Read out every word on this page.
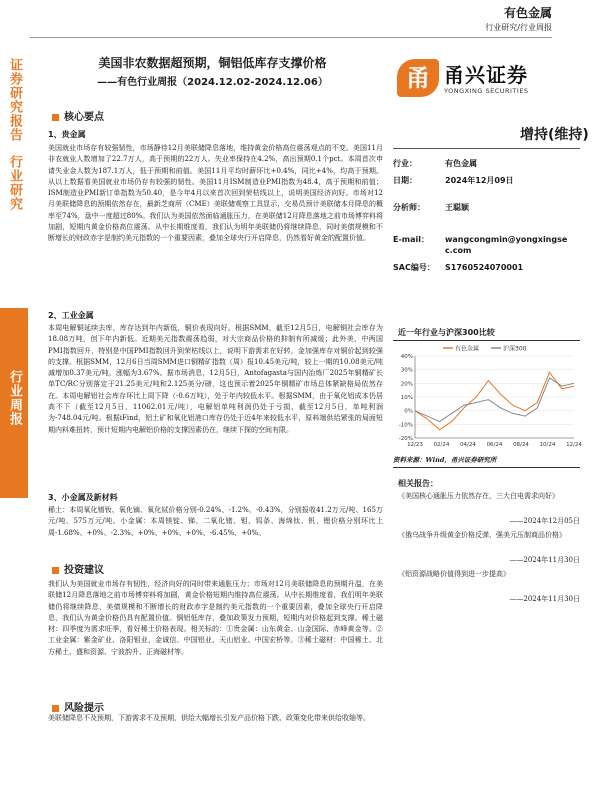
证券研究报告
行业研究
行业周报
有色金属
行业研究/行业周报
美国非农数据超预期，铜铝低库存支撑价格
——有色行业周报（2024.12.02-2024.12.06）
核心要点
1、贵金属
美国就业市场存有较强韧性，市场静待12月美联储降息落地，维持黄金价格高位震荡观点的不变。美国11月非农就业人数增加了22.7万人，高于预期的22万人。失业率保持在4.2%，高出预期0.1个pct。本周首次申请失业金人数为187.1万人，低于预期和前值。美国11月平均时薪环比+0.4%，同比+4%，均高于预期。从以上数据看美国就业市场仍存有较强的韧性。美国11月ISM制造业PMI指数为48.4，高于预期和前值；ISM制造业PMI新订单指数为50.40，是今年4月以来首次回到荣枯线以上，说明美国经济向好。市场对12月美联储降息的预期依然存在，最新芝商所（CME）美联储观察工具显示，交易员预计美联储本月降息的概率至74%，盘中一度超过80%。我们认为美国依然面临通胀压力，在美联储12月降息落地之前市场博弈料将加剧，短期内黄金价格高位震荡。从中长期维度看，我们认为明年美联储仍将继续降息，同时美债规模和不断增长的财政赤字是制约美元指数的一个重要因素，叠加全球央行开启降息，仍然看好黄金的配置价值。
2、工业金属
本周电解铜延续去库，库存达到年内新低，铜价表现向好。根据SMM，截至12月5日，电解铜社会库存为18.08万吨，创下年内新低。近期美元指数震荡趋弱，对大宗商品价格的抑制有所减缓；此外美、中两国PMI指数回升，特别是中国PMI指数回升到荣枯线以上，说明下游需求在好转，金加强库存对铜价起到较强的支撑。根据SMM，12月6日当周SMM进口铜精矿指数（周）报10.45美元/吨，较上一期的10.08美元/吨减增加0.37美元/吨，涨幅为3.67%。据市场消息，12月5日，Antofagasta与国内冶炼厂2025年铜精矿长单TC/RC分别落定于21.25美元/吨和2.125美分/磅，这也预示着2025年铜精矿市场总体紧缺格局依然存在。本周电解铝社会库存环比上周下降（-0.6万吨），处于年内较低水平。根据SMM，由于氧化铝成本仍居高不下（截至12月5日，11062.01元/吨），电解铝单吨利润仍处于亏损，截至12月5日，单吨利润为-748.04元/吨。根据iFind，铝土矿和氧化铝港口库存仍处于近4年来较低水平，原料端供给紧张的局面短期内料难扭转，预计短期内电解铝价格的支撑因素仍在，继续下探的空间有限。
3、小金属及新材料
稀土：本周氧化镨钕、氧化镝、氧化铽价格分别-0.24%、-1.2%、-0.43%，分别报收41.2万元/吨、165万元/吨、575万元/吨。小金属：本周镁锭、锑、二氧化锗、钼、钨条、海绵钛、钒、锂价格分别环比上周-1.68%、+0%、-2.3%、+0%、+0%、+0%、-6.45%、+0%。
投资建议
我们认为美国就业市场存有韧性，经济向好的同时带来通胀压力；市场对12月美联储降息的预期升温，在美联储12月降息落地之前市场博弈料将加剧，黄金价格短期内维持高位震荡。从中长期维度看，我们明年美联储仍将继续降息，美债规模和不断增长的财政赤字是制约美元指数的一个重要因素，叠加全球央行开启降息，我们认为黄金价格仍具有配置价值。铜铝低库存，叠加政策发力预期，短期内对价格起到支撑。稀土磁材：四季度为需求旺季，看好稀土价格表现。相关标的：①贵金属：山东黄金、山金国际、赤峰黄金等。②工业金属：紫金矿业、洛阳钼业、金诚信、中国铝业、天山铝业、中国宏桥等。③稀土磁材：中国稀土、北方稀土、盛和资源、宁波韵升、正海磁材等。
风险提示
美联储降息不及预期，下游需求不及预期，供给大幅增长引发产品价格下跌、政策变化带来供给收缩等。
甬 甬兴证券
YONGXING SECURITIES
增持(维持)
行业：	有色金属
日期：	2024年12月09日
分析师：	王聪颖
E-mail： wangcongmin@yongxingse
c.com
SAC编号： S1760524070001
近一年行业与沪深300比较
有色金属	沪深300
40%
30%
20%
10%
0%
-10%
-20%
12/23 02/24 04/24 06/24 08/24 10/24 12/24
资料来源：Wind，甬兴证券研究所
相关报告：
《美国核心通胀压力依然存在，三大白电需求向好》
——2024年12月05日
《俄乌战争升级黄金价格反弹，强美元压制商品价格》
——2024年11月30日
《铝资源战略价值得到进一步提高》
——2024年11月30日
